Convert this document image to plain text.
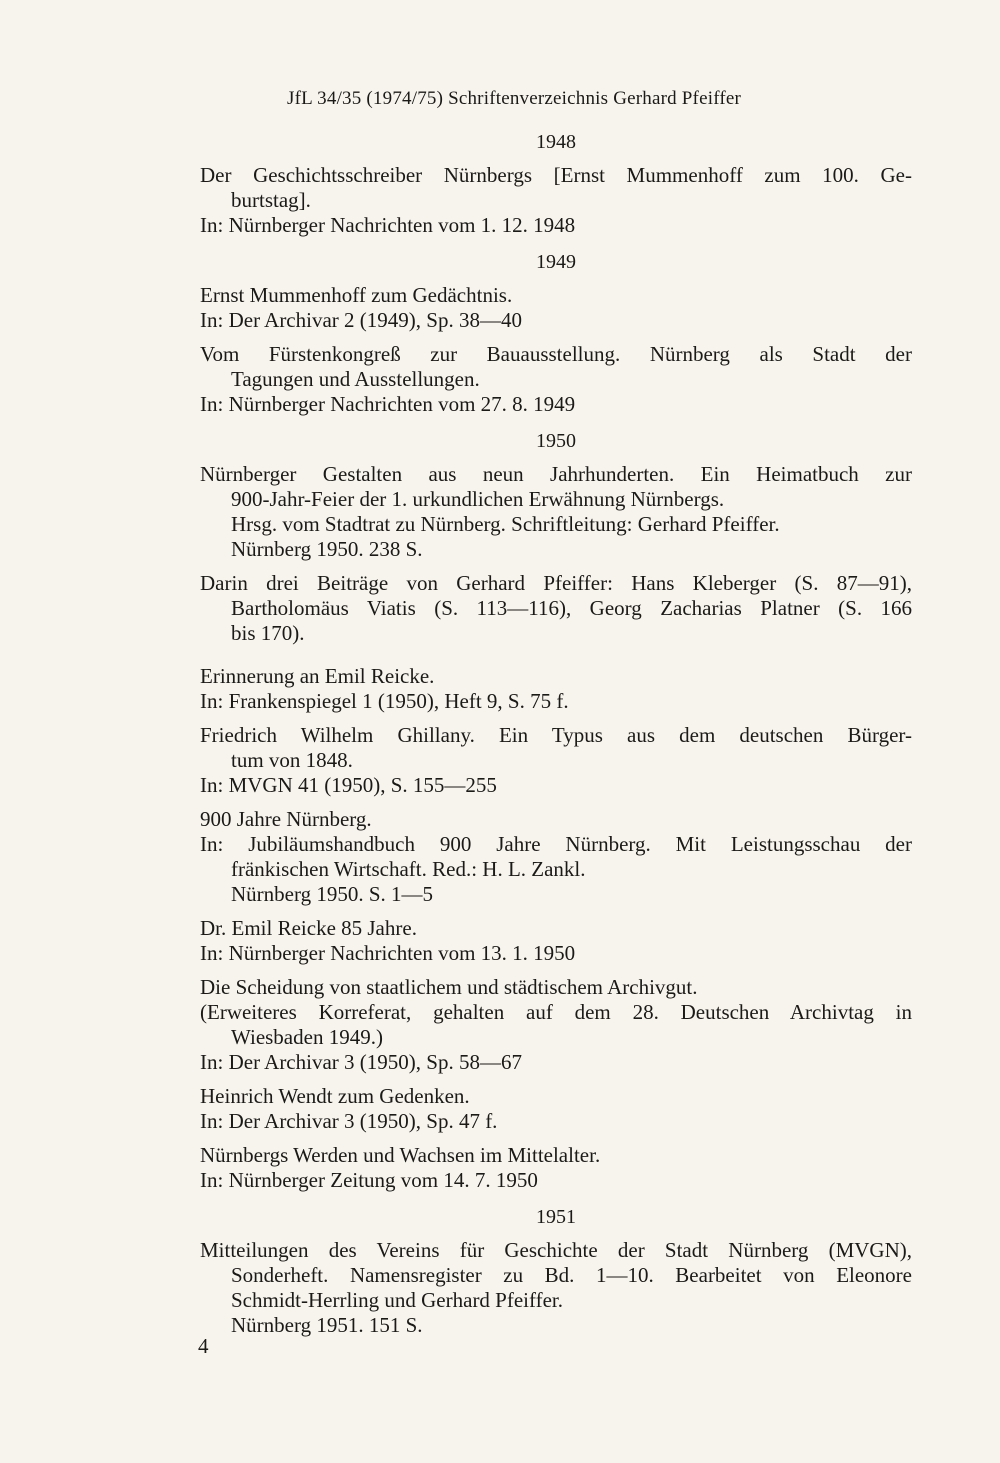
JfL 34/35 (1974/75) Schriftenverzeichnis Gerhard Pfeiffer
1948
Der Geschichtsschreiber Nürnbergs [Ernst Mummenhoff zum 100. Ge-
burtstag].
In: Nürnberger Nachrichten vom 1. 12. 1948
1949
Ernst Mummenhoff zum Gedächtnis.
In: Der Archivar 2 (1949), Sp. 38—40
Vom Fürstenkongreß zur Bauausstellung. Nürnberg als Stadt der
Tagungen und Ausstellungen.
In: Nürnberger Nachrichten vom 27. 8. 1949
1950
Nürnberger Gestalten aus neun Jahrhunderten. Ein Heimatbuch zur
900-Jahr-Feier der 1. urkundlichen Erwähnung Nürnbergs.
Hrsg. vom Stadtrat zu Nürnberg. Schriftleitung: Gerhard Pfeiffer.
Nürnberg 1950. 238 S.
Darin drei Beiträge von Gerhard Pfeiffer: Hans Kleberger (S. 87—91),
Bartholomäus Viatis (S. 113—116), Georg Zacharias Platner (S. 166
bis 170).
Erinnerung an Emil Reicke.
In: Frankenspiegel 1 (1950), Heft 9, S. 75 f.
Friedrich Wilhelm Ghillany. Ein Typus aus dem deutschen Bürger-
tum von 1848.
In: MVGN 41 (1950), S. 155—255
900 Jahre Nürnberg.
In: Jubiläumshandbuch 900 Jahre Nürnberg. Mit Leistungsschau der
fränkischen Wirtschaft. Red.: H. L. Zankl.
Nürnberg 1950. S. 1—5
Dr. Emil Reicke 85 Jahre.
In: Nürnberger Nachrichten vom 13. 1. 1950
Die Scheidung von staatlichem und städtischem Archivgut.
(Erweiteres Korreferat, gehalten auf dem 28. Deutschen Archivtag in
Wiesbaden 1949.)
In: Der Archivar 3 (1950), Sp. 58—67
Heinrich Wendt zum Gedenken.
In: Der Archivar 3 (1950), Sp. 47 f.
Nürnbergs Werden und Wachsen im Mittelalter.
In: Nürnberger Zeitung vom 14. 7. 1950
1951
Mitteilungen des Vereins für Geschichte der Stadt Nürnberg (MVGN),
Sonderheft. Namensregister zu Bd. 1—10. Bearbeitet von Eleonore
Schmidt-Herrling und Gerhard Pfeiffer.
Nürnberg 1951. 151 S.
4
